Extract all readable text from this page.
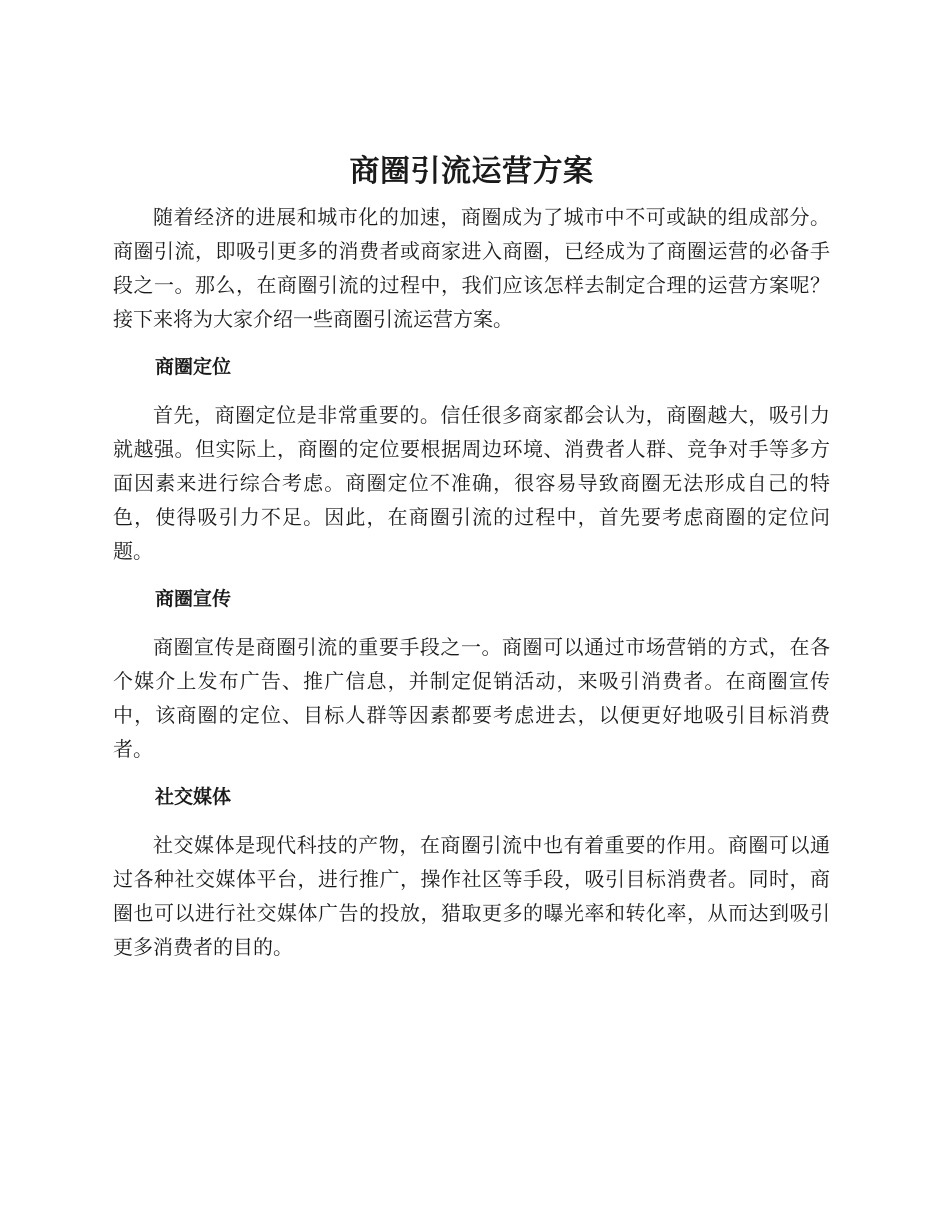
商圈引流运营方案

随着经济的进展和城市化的加速，商圈成为了城市中不可或缺的组成部分。商圈引流，即吸引更多的消费者或商家进入商圈，已经成为了商圈运营的必备手段之一。那么，在商圈引流的过程中，我们应该怎样去制定合理的运营方案呢？接下来将为大家介绍一些商圈引流运营方案。

商圈定位

首先，商圈定位是非常重要的。信任很多商家都会认为，商圈越大，吸引力就越强。但实际上，商圈的定位要根据周边环境、消费者人群、竞争对手等多方面因素来进行综合考虑。商圈定位不准确，很容易导致商圈无法形成自己的特色，使得吸引力不足。因此，在商圈引流的过程中，首先要考虑商圈的定位问题。

商圈宣传

商圈宣传是商圈引流的重要手段之一。商圈可以通过市场营销的方式，在各个媒介上发布广告、推广信息，并制定促销活动，来吸引消费者。在商圈宣传中，该商圈的定位、目标人群等因素都要考虑进去，以便更好地吸引目标消费者。

社交媒体

社交媒体是现代科技的产物，在商圈引流中也有着重要的作用。商圈可以通过各种社交媒体平台，进行推广，操作社区等手段，吸引目标消费者。同时，商圈也可以进行社交媒体广告的投放，猎取更多的曝光率和转化率，从而达到吸引更多消费者的目的。
